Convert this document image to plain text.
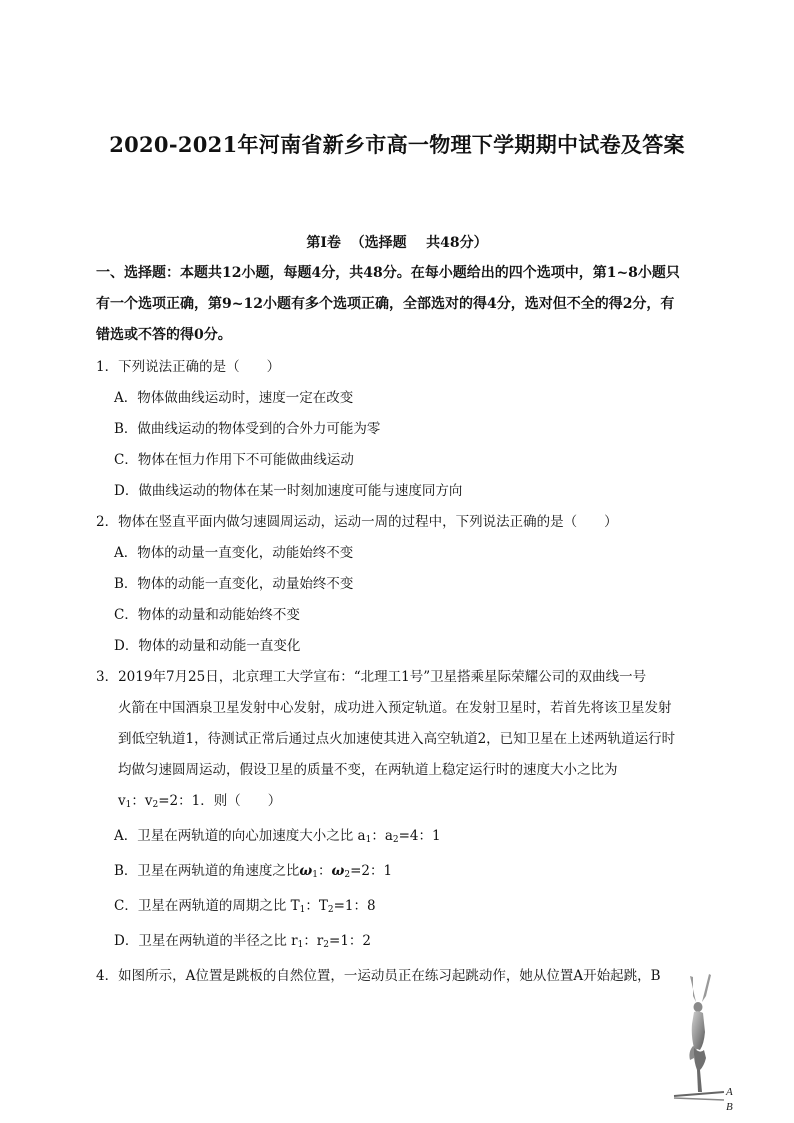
2020-2021年河南省新乡市高一物理下学期期中试卷及答案
第Ⅰ卷  （选择题    共48分）
一、选择题：本题共12小题，每题4分，共48分。在每小题给出的四个选项中，第1~8小题只
有一个选项正确，第9~12小题有多个选项正确，全部选对的得4分，选对但不全的得2分，有
错选或不答的得0分。
1．下列说法正确的是（　　）
A．物体做曲线运动时，速度一定在改变
B．做曲线运动的物体受到的合外力可能为零
C．物体在恒力作用下不可能做曲线运动
D．做曲线运动的物体在某一时刻加速度可能与速度同方向
2．物体在竖直平面内做匀速圆周运动，运动一周的过程中，下列说法正确的是（　　）
A．物体的动量一直变化，动能始终不变
B．物体的动能一直变化，动量始终不变
C．物体的动量和动能始终不变
D．物体的动量和动能一直变化
3．2019年7月25日，北京理工大学宣布：“北理工1号”卫星搭乘星际荣耀公司的双曲线一号
火箭在中国酒泉卫星发射中心发射，成功进入预定轨道。在发射卫星时，若首先将该卫星发射
到低空轨道1，待测试正常后通过点火加速使其进入高空轨道2，已知卫星在上述两轨道运行时
均做匀速圆周运动，假设卫星的质量不变，在两轨道上稳定运行时的速度大小之比为
$v_1$：$v_2=2$：1．则（　　）
A．卫星在两轨道的向心加速度大小之比 $a_1$：$a_2=4$：1
B．卫星在两轨道的角速度之比$\omega_1$：$\omega_2=2$：1
C．卫星在两轨道的周期之比 $T_1$：$T_2=1$：8
D．卫星在两轨道的半径之比 $r_1$：$r_2=1$：2
4．如图所示，A位置是跳板的自然位置，一运动员正在练习起跳动作，她从位置A开始起跳，B
A
B
